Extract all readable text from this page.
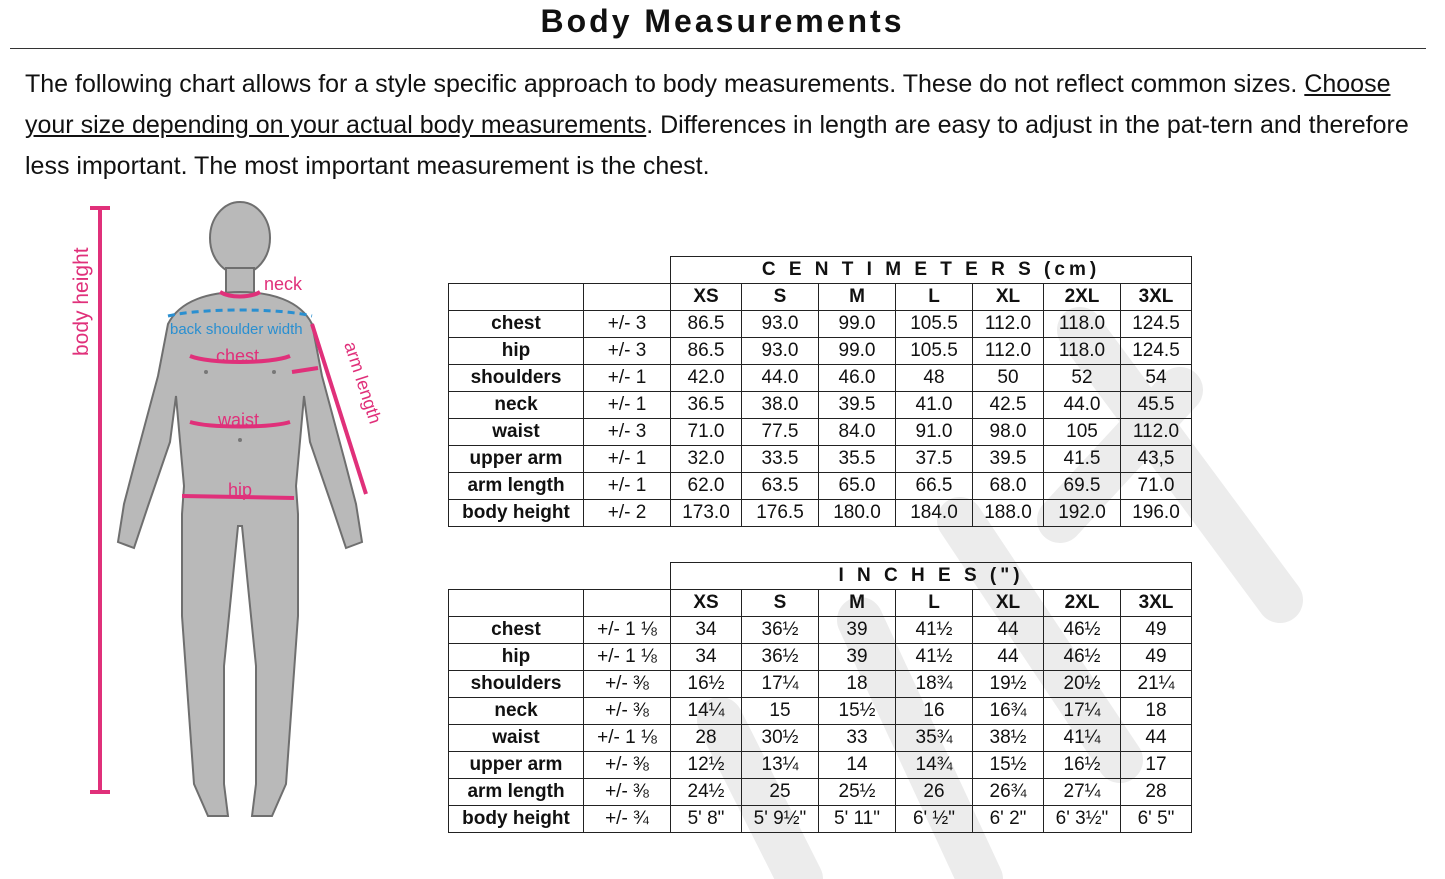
Body Measurements
The following chart allows for a style specific approach to body measurements. These do not reflect common sizes. Choose your size depending on your actual body measurements. Differences in length are easy to adjust in the pat-tern and therefore less important. The most important measurement is the chest.
body height	neck
back shoulder width
chest
waist
hip
arm length
		C E N T I M E T E R S (cm)						
		XS	S	M	L	XL	2XL	3XL
chest	+/- 3	86.5	93.0	99.0	105.5	112.0	118.0	124.5
hip	+/- 3	86.5	93.0	99.0	105.5	112.0	118.0	124.5
shoulders	+/- 1	42.0	44.0	46.0	48	50	52	54
neck	+/- 1	36.5	38.0	39.5	41.0	42.5	44.0	45.5
waist	+/- 3	71.0	77.5	84.0	91.0	98.0	105	112.0
upper arm	+/- 1	32.0	33.5	35.5	37.5	39.5	41.5	43,5
arm length	+/- 1	62.0	63.5	65.0	66.5	68.0	69.5	71.0
body height	+/- 2	173.0	176.5	180.0	184.0	188.0	192.0	196.0
		I N C H E S (")						
		XS	S	M	L	XL	2XL	3XL
chest	+/- 1 ⅛	34	36½	39	41½	44	46½	49
hip	+/- 1 ⅛	34	36½	39	41½	44	46½	49
shoulders	+/- ⅜	16½	17¼	18	18¾	19½	20½	21¼
neck	+/- ⅜	14¼	15	15½	16	16¾	17¼	18
waist	+/- 1 ⅛	28	30½	33	35¾	38½	41¼	44
upper arm	+/- ⅜	12½	13¼	14	14¾	15½	16½	17
arm length	+/- ⅜	24½	25	25½	26	26¾	27¼	28
body height	+/- ¾	5' 8"	5' 9½"	5' 11"	6' ½"	6' 2"	6' 3½"	6' 5"
